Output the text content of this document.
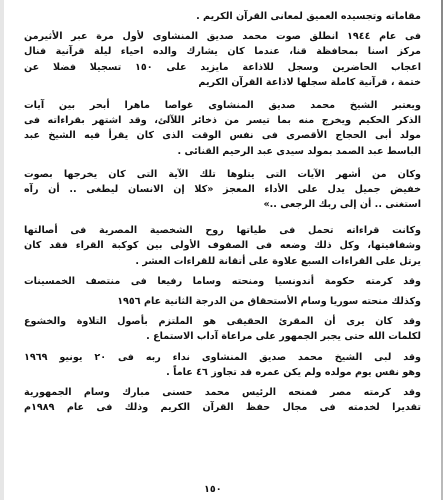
مقاماته وتجسيده العميق لمعانى القرآن الكريم .
فى عام ١٩٤٤ انطلق صوت محمد صديق المنشاوى لأول مرة عبر الأثيرمن
مركز اسنا بمحافظة قنا، عندما كان يشارك والده احياء ليلة قرآنية فنال
اعجاب الحاضرين وسجل للاذاعة مايزيد على ١٥٠ تسجيلا فضلا عن
ختمة ، قرآنية كاملة سجلها لاذاعة القرآن الكريم
ويعتبر الشيخ محمد صديق المنشاوى غواصا ماهرا أبحر بين آيات
الذكر الحكيم ويخرج منه بما تيسر من ذخائر اللآلئ، وقد اشتهر بقراءاته فى
مولد أبى الحجاج الأقصرى فى نفس الوقت الذى كان يقرأ فيه الشيخ عبد
الباسط عبد الصمد بمولد سيدى عبد الرحيم القنائى .
وكان من أشهر الآيات التى يتلوها تلك الآية التى كان يخرجها بصوت
خفيض جميل يدل على الأداء المعجز «كلا إن الانسان ليطغى .. أن رآه
استغنى .. أن إلى ربك الرجعى ..»
وكانت قراءاته تحمل فى طياتها روح الشخصية المصرية فى أصالتها
وشفافيتها، وكل ذلك وضعه فى الصفوف الأولى بين كوكبة القراء فقد كان
يرتل على القراءات السبع علاوة على أتقانة للقراءات العشر .
وقد كرمته حكومة أندونسيا ومنحته وساما رفيعا فى منتصف الخمسينات
وكذلك منحته سوريا وسام الأستحقاق من الدرجة الثانية عام ١٩٥٦
وقد كان يرى أن المقرئ الحقيقى هو الملتزم بأصول التلاوة والخشوع
لكلمات الله حتى يجبر الجمهور على مراعاة آداب الاستماع .
وقد لبى الشيخ محمد صديق المنشاوى نداء ربه فى ٢٠ يونيو ١٩٦٩
وهو نفس يوم مولده ولم يكن عمره قد تجاوز ٤٦ عاماً .
وقد كرمته مصر فمنحه الرئيس محمد حسنى مبارك وسام الجمهورية
تقديرا لخدمته فى مجال حفظ القرآن الكريم وذلك فى عام ١٩٨٩م
١٥٠
